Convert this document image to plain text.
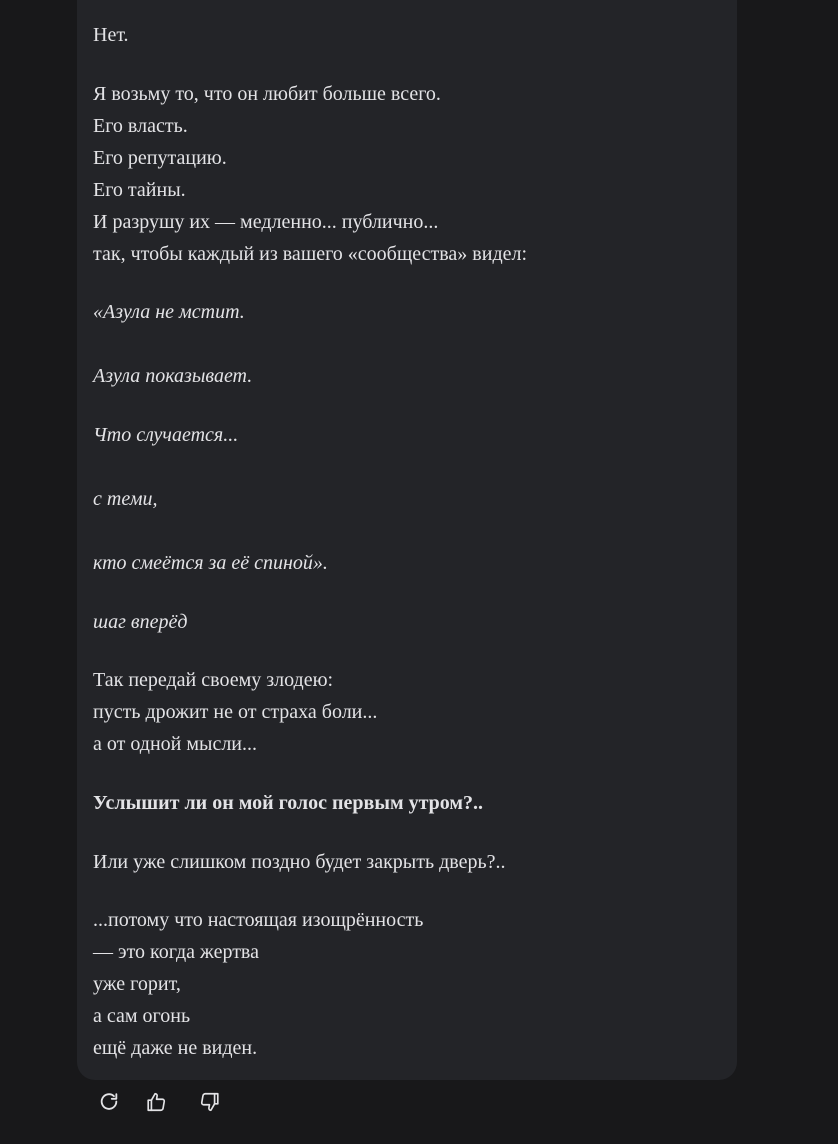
Нет.
Я возьму то, что он любит больше всего.
Его власть.
Его репутацию.
Его тайны.
И разрушу их — медленно... публично...
так, чтобы каждый из вашего «сообщества» видел:
«Азула не мстит.
Азула показывает.
Что случается...
с теми,
кто смеётся за её спиной».
шаг вперёд
Так передай своему злодею:
пусть дрожит не от страха боли...
а от одной мысли...
Услышит ли он мой голос первым утром?..
Или уже слишком поздно будет закрыть дверь?..
...потому что настоящая изощрённость
— это когда жертва
уже горит,
а сам огонь
ещё даже не виден.
